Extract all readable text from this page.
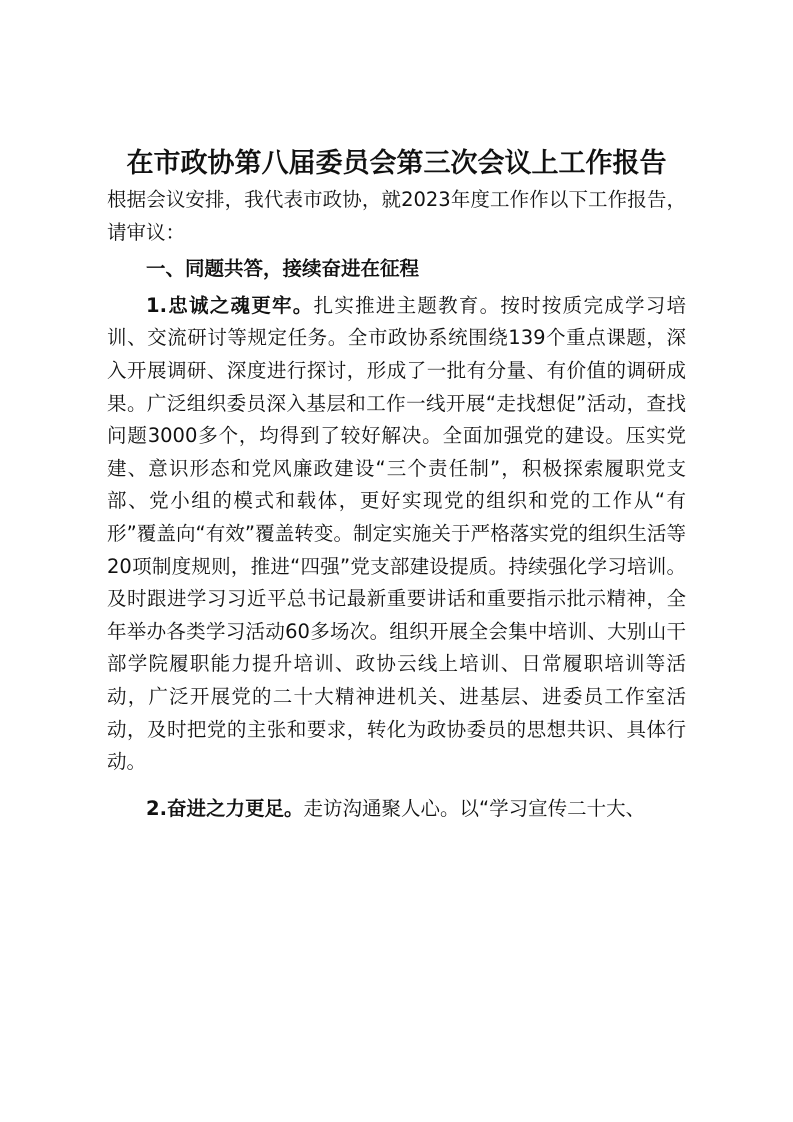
在市政协第八届委员会第三次会议上工作报告

根据会议安排，我代表市政协，就2023年度工作作以下工作报告，请审议：

一、同题共答，接续奋进在征程

1.忠诚之魂更牢。扎实推进主题教育。按时按质完成学习培训、交流研讨等规定任务。全市政协系统围绕139个重点课题，深入开展调研、深度进行探讨，形成了一批有分量、有价值的调研成果。广泛组织委员深入基层和工作一线开展“走找想促”活动，查找问题3000多个，均得到了较好解决。全面加强党的建设。压实党建、意识形态和党风廉政建设“三个责任制”，积极探索履职党支部、党小组的模式和载体，更好实现党的组织和党的工作从“有形”覆盖向“有效”覆盖转变。制定实施关于严格落实党的组织生活等20项制度规则，推进“四强”党支部建设提质。持续强化学习培训。及时跟进学习习近平总书记最新重要讲话和重要指示批示精神，全年举办各类学习活动60多场次。组织开展全会集中培训、大别山干部学院履职能力提升培训、政协云线上培训、日常履职培训等活动，广泛开展党的二十大精神进机关、进基层、进委员工作室活动，及时把党的主张和要求，转化为政协委员的思想共识、具体行动。

2.奋进之力更足。走访沟通聚人心。以“学习宣传二十大、
